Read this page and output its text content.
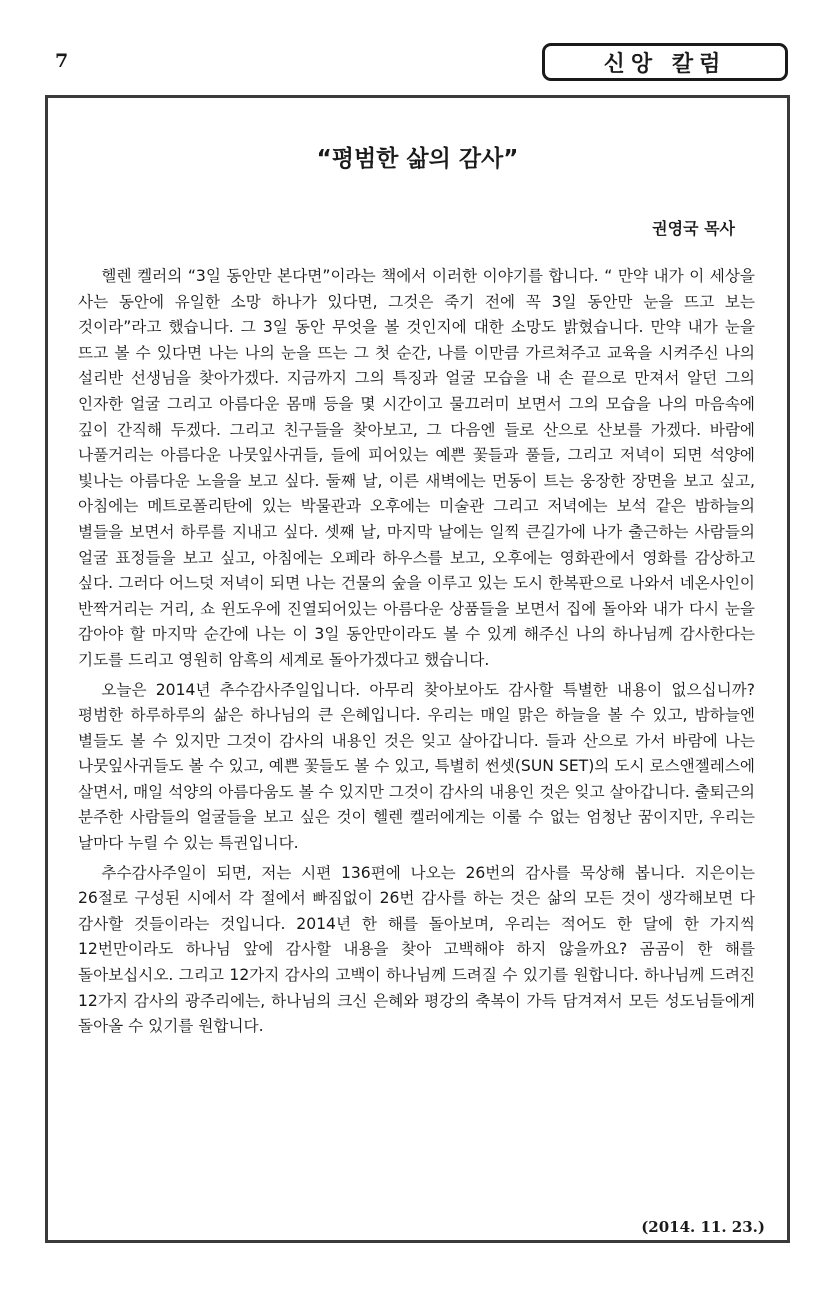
7	신앙 칼럼
“평범한 삶의 감사”
권영국 목사

헬렌 켈러의 “3일 동안만 본다면”이라는 책에서 이러한 이야기를 합니다. “ 만약 내가 이 세상을 사는 동안에 유일한 소망 하나가 있다면, 그것은 죽기 전에 꼭 3일 동안만 눈을 뜨고 보는 것이라”라고 했습니다. 그 3일 동안 무엇을 볼 것인지에 대한 소망도 밝혔습니다. 만약 내가 눈을 뜨고 볼 수 있다면 나는 나의 눈을 뜨는 그 첫 순간, 나를 이만큼 가르쳐주고 교육을 시켜주신 나의 설리반 선생님을 찾아가겠다. 지금까지 그의 특징과 얼굴 모습을 내 손 끝으로 만져서 알던 그의 인자한 얼굴 그리고 아름다운 몸매 등을 몇 시간이고 물끄러미 보면서 그의 모습을 나의 마음속에 깊이 간직해 두겠다. 그리고 친구들을 찾아보고, 그 다음엔 들로 산으로 산보를 가겠다. 바람에 나풀거리는 아름다운 나뭇잎사귀들, 들에 피어있는 예쁜 꽃들과 풀들, 그리고 저녁이 되면 석양에 빛나는 아름다운 노을을 보고 싶다. 둘째 날, 이른 새벽에는 먼동이 트는 웅장한 장면을 보고 싶고, 아침에는 메트로폴리탄에 있는 박물관과 오후에는 미술관 그리고 저녁에는 보석 같은 밤하늘의 별들을 보면서 하루를 지내고 싶다. 셋째 날, 마지막 날에는 일찍 큰길가에 나가 출근하는 사람들의 얼굴 표정들을 보고 싶고, 아침에는 오페라 하우스를 보고, 오후에는 영화관에서 영화를 감상하고 싶다. 그러다 어느덧 저녁이 되면 나는 건물의 숲을 이루고 있는 도시 한복판으로 나와서 네온사인이 반짝거리는 거리, 쇼 윈도우에 진열되어있는 아름다운 상품들을 보면서 집에 돌아와 내가 다시 눈을 감아야 할 마지막 순간에 나는 이 3일 동안만이라도 볼 수 있게 해주신 나의 하나님께 감사한다는 기도를 드리고 영원히 암흑의 세계로 돌아가겠다고 했습니다.

오늘은 2014년 추수감사주일입니다. 아무리 찾아보아도 감사할 특별한 내용이 없으십니까? 평범한 하루하루의 삶은 하나님의 큰 은혜입니다. 우리는 매일 맑은 하늘을 볼 수 있고, 밤하늘엔 별들도 볼 수 있지만 그것이 감사의 내용인 것은 잊고 살아갑니다. 들과 산으로 가서 바람에 나는 나뭇잎사귀들도 볼 수 있고, 예쁜 꽃들도 볼 수 있고, 특별히 썬셋(SUN SET)의 도시 로스앤젤레스에 살면서, 매일 석양의 아름다움도 볼 수 있지만 그것이 감사의 내용인 것은 잊고 살아갑니다. 출퇴근의 분주한 사람들의 얼굴들을 보고 싶은 것이 헬렌 켈러에게는 이룰 수 없는 엄청난 꿈이지만, 우리는 날마다 누릴 수 있는 특권입니다.

추수감사주일이 되면, 저는 시편 136편에 나오는 26번의 감사를 묵상해 봅니다. 지은이는 26절로 구성된 시에서 각 절에서 빠짐없이 26번 감사를 하는 것은 삶의 모든 것이 생각해보면 다 감사할 것들이라는 것입니다. 2014년 한 해를 돌아보며, 우리는 적어도 한 달에 한 가지씩 12번만이라도 하나님 앞에 감사할 내용을 찾아 고백해야 하지 않을까요? 곰곰이 한 해를 돌아보십시오. 그리고 12가지 감사의 고백이 하나님께 드려질 수 있기를 원합니다. 하나님께 드려진 12가지 감사의 광주리에는, 하나님의 크신 은혜와 평강의 축복이 가득 담겨져서 모든 성도님들에게 돌아올 수 있기를 원합니다.

(2014. 11. 23.)
